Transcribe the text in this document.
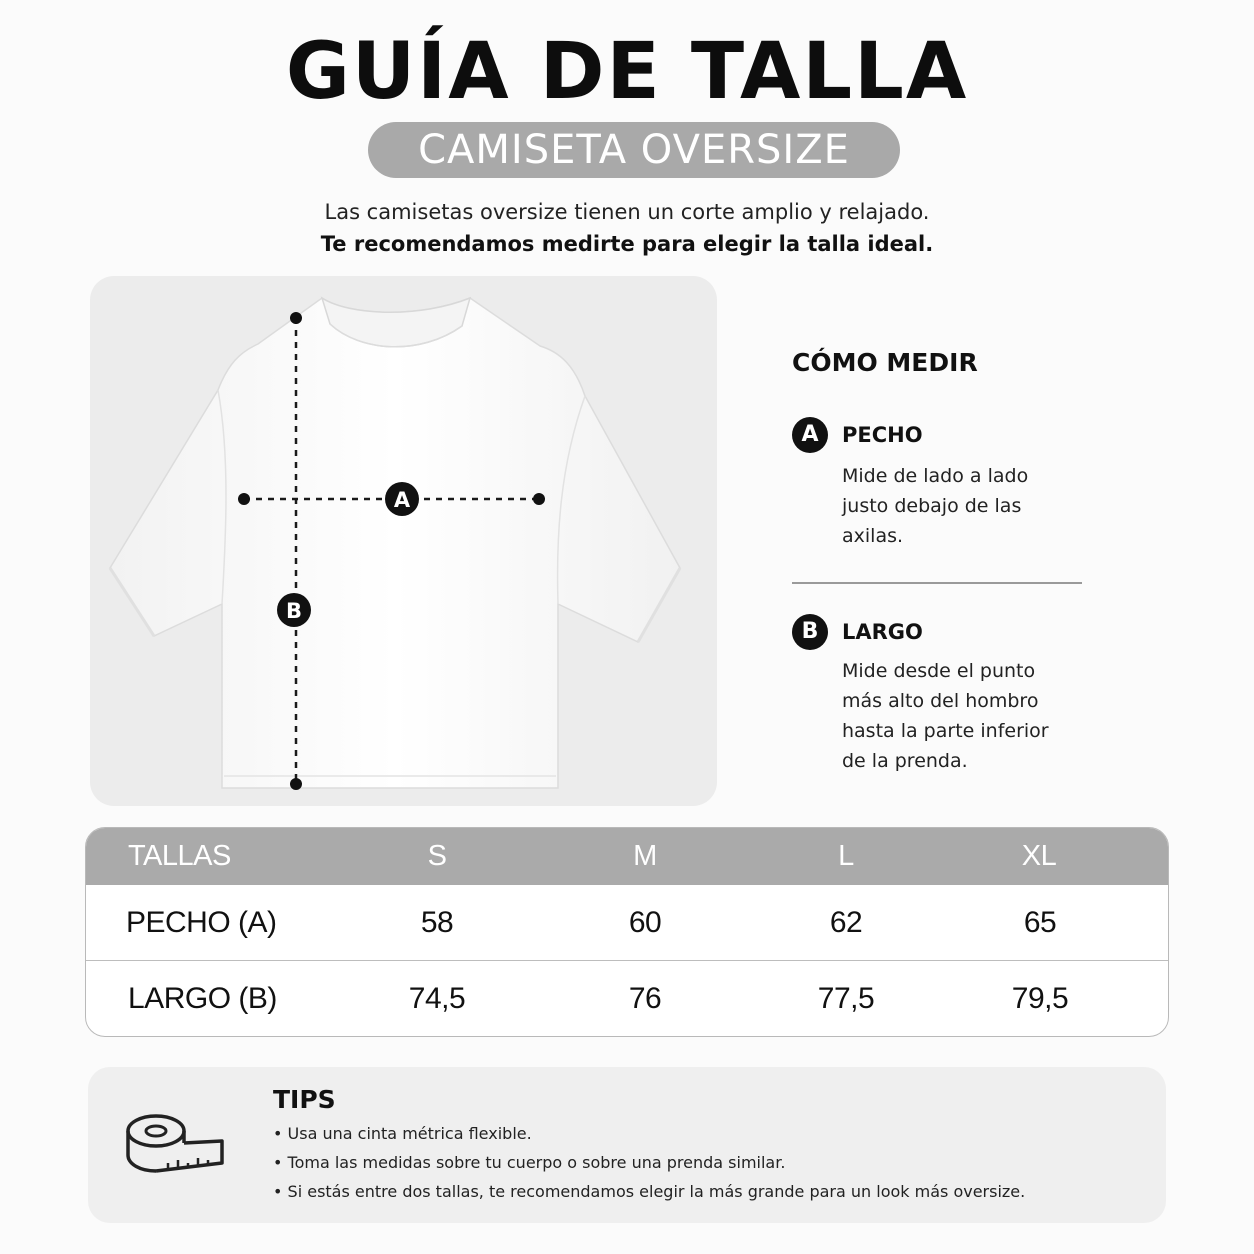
GUÍA DE TALLA
CAMISETA OVERSIZE
Las camisetas oversize tienen un corte amplio y relajado.
Te recomendamos medirte para elegir la talla ideal.
A
B
CÓMO MEDIR
A	PECHO
Mide de lado a lado
justo debajo de las
axilas.
B	LARGO
Mide desde el punto
más alto del hombro
hasta la parte inferior
de la prenda.
TALLAS	S	M	L	XL
PECHO (A)	58	60	62	65
LARGO (B)	74,5	76	77,5	79,5
TIPS
• Usa una cinta métrica flexible.
• Toma las medidas sobre tu cuerpo o sobre una prenda similar.
• Si estás entre dos tallas, te recomendamos elegir la más grande para un look más oversize.
